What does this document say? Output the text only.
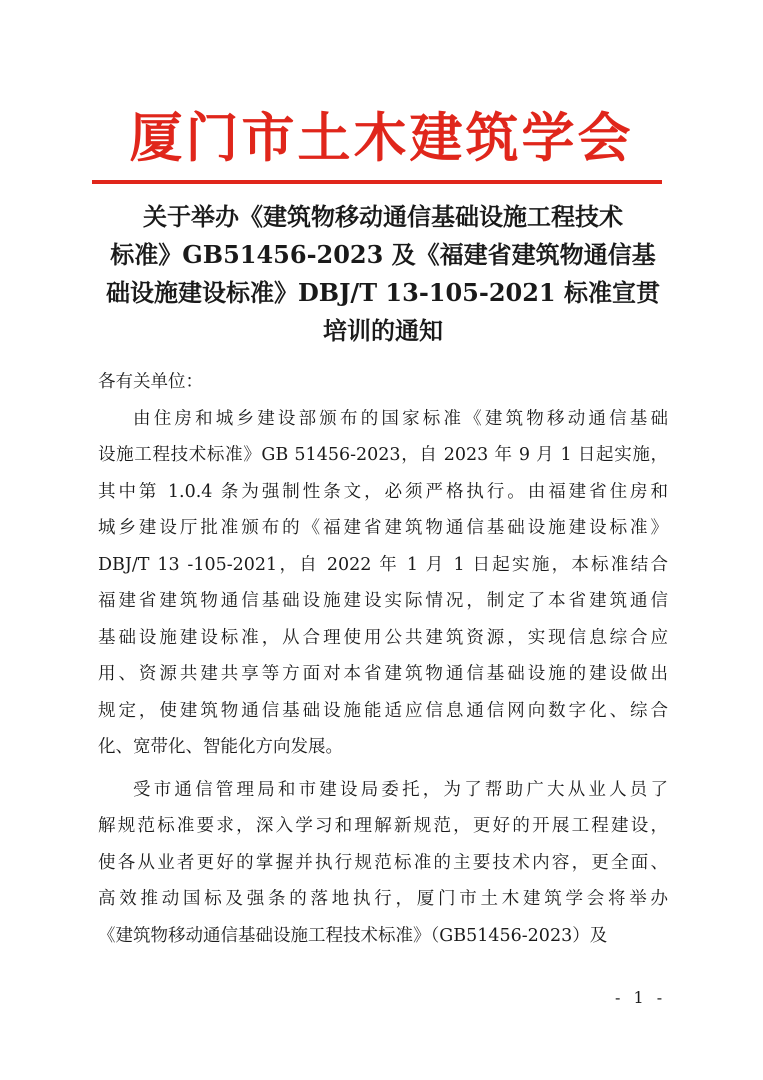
厦门市土木建筑学会
关于举办《建筑物移动通信基础设施工程技术
标准》GB51456-2023 及《福建省建筑物通信基
础设施建设标准》DBJ/T 13-105-2021 标准宣贯
培训的通知

各有关单位：

由住房和城乡建设部颁布的国家标准《建筑物移动通信基础
设施工程技术标准》GB 51456-2023，自 2023 年 9 月 1 日起实施，
其中第 1.0.4 条为强制性条文，必须严格执行。由福建省住房和
城乡建设厅批准颁布的《福建省建筑物通信基础设施建设标准》
DBJ/T 13 -105-2021，自 2022 年 1 月 1 日起实施，本标准结合
福建省建筑物通信基础设施建设实际情况，制定了本省建筑通信
基础设施建设标准，从合理使用公共建筑资源，实现信息综合应
用、资源共建共享等方面对本省建筑物通信基础设施的建设做出
规定，使建筑物通信基础设施能适应信息通信网向数字化、综合
化、宽带化、智能化方向发展。

受市通信管理局和市建设局委托，为了帮助广大从业人员了
解规范标准要求，深入学习和理解新规范，更好的开展工程建设，
使各从业者更好的掌握并执行规范标准的主要技术内容，更全面、
高效推动国标及强条的落地执行，厦门市土木建筑学会将举办
《建筑物移动通信基础设施工程技术标准》（GB51456-2023）及

- 1 -
